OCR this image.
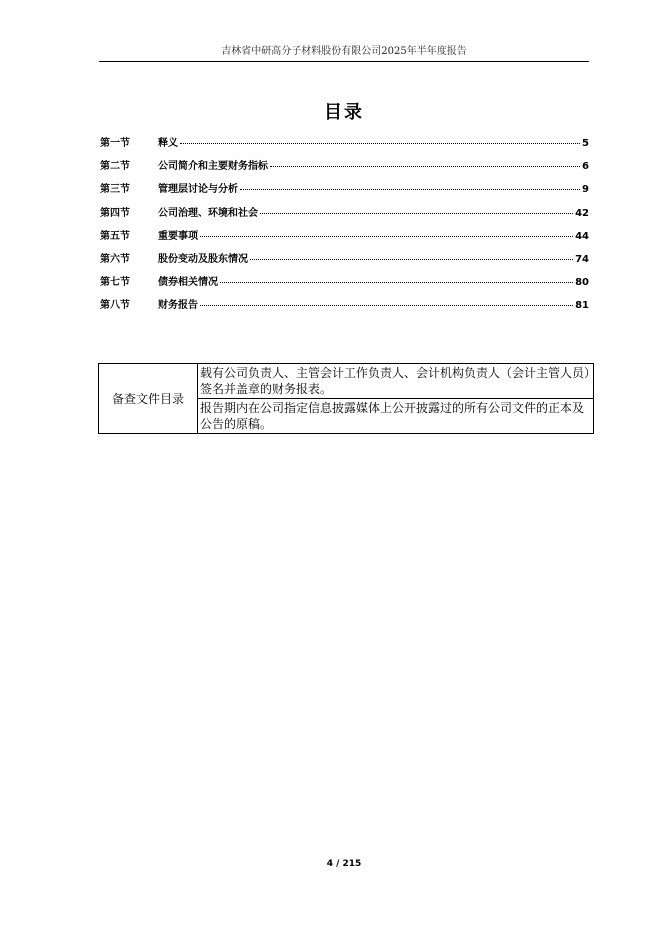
吉林省中研高分子材料股份有限公司2025年半年度报告
目录
第一节	释义	5
第二节	公司简介和主要财务指标	6
第三节	管理层讨论与分析	9
第四节	公司治理、环境和社会	42
第五节	重要事项	44
第六节	股份变动及股东情况	74
第七节	债券相关情况	80
第八节	财务报告	81
备查文件目录	载有公司负责人、主管会计工作负责人、会计机构负责人（会计主管人员）签名并盖章的财务报表。
报告期内在公司指定信息披露媒体上公开披露过的所有公司文件的正本及公告的原稿。
4 / 215
